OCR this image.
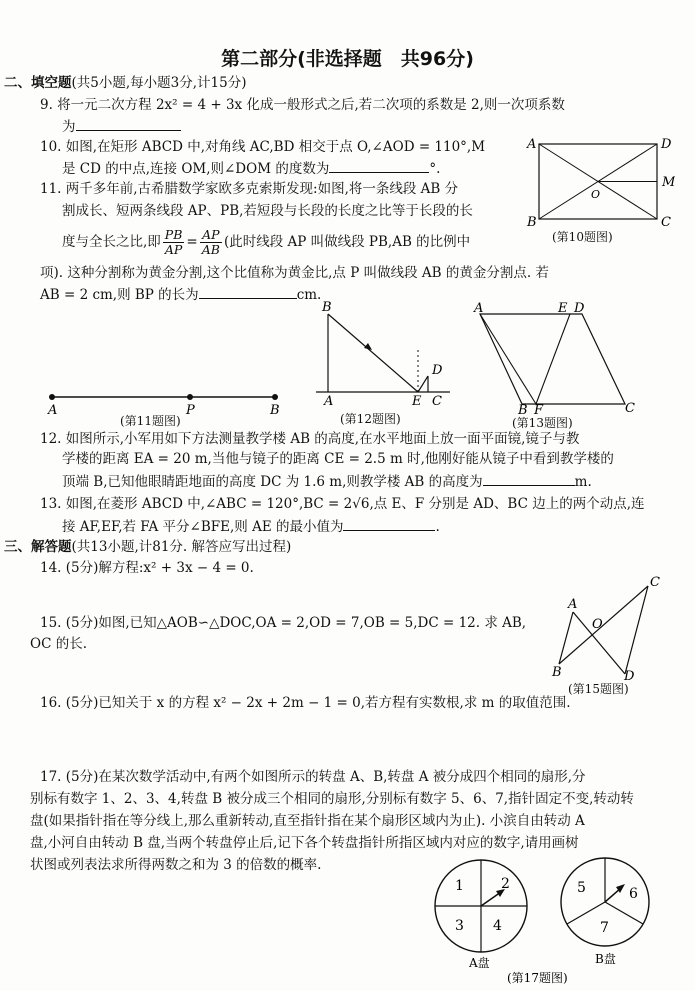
第二部分(非选择题　共96分)
二、填空题(共5小题,每小题3分,计15分)
9. 将一元二次方程 2x² = 4 + 3x 化成一般形式之后,若二次项的系数是 2,则一次项系数
为
10. 如图,在矩形 ABCD 中,对角线 AC,BD 相交于点 O,∠AOD = 110°,M
是 CD 的中点,连接 OM,则∠DOM 的度数为	°.
11. 两千多年前,古希腊数学家欧多克索斯发现:如图,将一条线段 AB 分
割成长、短两条线段 AP、PB,若短段与长段的长度之比等于长段的长
度与全长之比,即 $\frac{PB}{AP} = \frac{AP}{AB}$ (此时线段 AP 叫做线段 PB,AB 的比例中
项). 这种分割称为黄金分割,这个比值称为黄金比,点 P 叫做线段 AB 的黄金分割点. 若
AB = 2 cm,则 BP 的长为	cm.
A	D
M
O
B	C
(第10题图)
A	P	B
(第11题图)
B
A	E C
D
(第12题图)
A	E D
B F	C
(第13题图)
12. 如图所示,小军用如下方法测量教学楼 AB 的高度,在水平地面上放一面平面镜,镜子与教
学楼的距离 EA = 20 m,当他与镜子的距离 CE = 2.5 m 时,他刚好能从镜子中看到教学楼的
顶端 B,已知他眼睛距地面的高度 DC 为 1.6 m,则教学楼 AB 的高度为	m.
13. 如图,在菱形 ABCD 中,∠ABC = 120°,BC = 2√6,点 E、F 分别是 AD、BC 边上的两个动点,连
接 AF,EF,若 FA 平分∠BFE,则 AE 的最小值为	.
三、解答题(共13小题,计81分. 解答应写出过程)
14. (5分)解方程:x² + 3x − 4 = 0.
15. (5分)如图,已知△AOB∽△DOC,OA = 2,OD = 7,OB = 5,DC = 12. 求 AB,
OC 的长.
C
A
O
B	D
(第15题图)
16. (5分)已知关于 x 的方程 x² − 2x + 2m − 1 = 0,若方程有实数根,求 m 的取值范围.
17. (5分)在某次数学活动中,有两个如图所示的转盘 A、B,转盘 A 被分成四个相同的扇形,分
别标有数字 1、2、3、4,转盘 B 被分成三个相同的扇形,分别标有数字 5、6、7,指针固定不变,转动转
盘(如果指针指在等分线上,那么重新转动,直至指针指在某个扇形区域内为止). 小滨自由转动 A
盘,小河自由转动 B 盘,当两个转盘停止后,记下各个转盘指针所指区域内对应的数字,请用画树
状图或列表法求所得两数之和为 3 的倍数的概率.
1	2
3 4
A盘
5	6
7
B盘
(第17题图)
